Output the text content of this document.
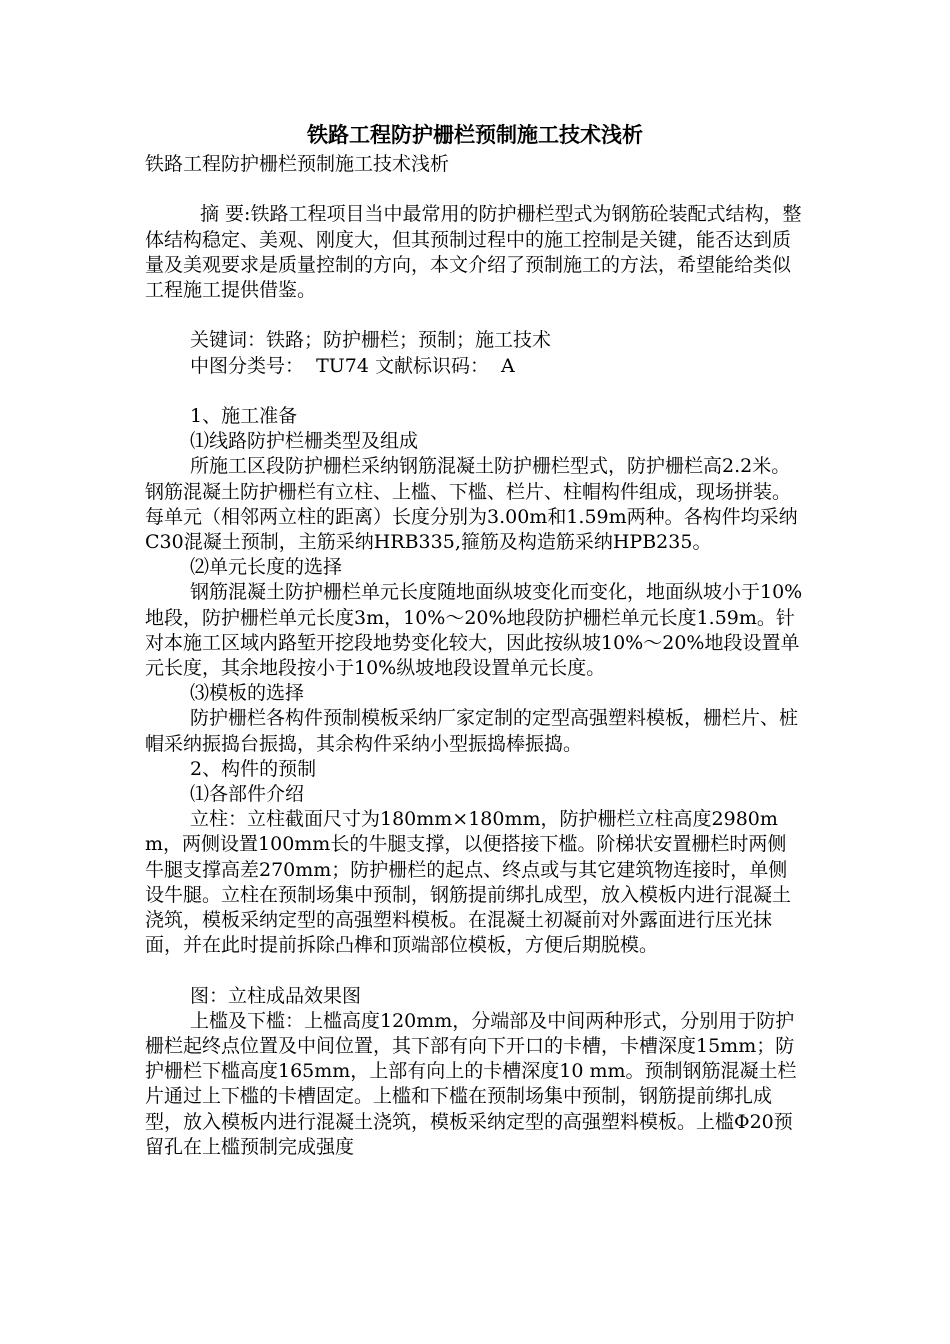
铁路工程防护栅栏预制施工技术浅析

铁路工程防护栅栏预制施工技术浅析

摘 要:铁路工程项目当中最常用的防护栅栏型式为钢筋砼装配式结构，整体结构稳定、美观、刚度大，但其预制过程中的施工控制是关键，能否达到质量及美观要求是质量控制的方向，本文介绍了预制施工的方法，希望能给类似工程施工提供借鉴。

关键词：铁路；防护栅栏；预制；施工技术

中图分类号：  TU74 文献标识码：  A

1、施工准备

⑴线路防护栏栅类型及组成

所施工区段防护栅栏采纳钢筋混凝土防护栅栏型式，防护栅栏高2.2米。钢筋混凝土防护栅栏有立柱、上槛、下槛、栏片、柱帽构件组成，现场拼装。每单元（相邻两立柱的距离）长度分别为3.00m和1.59m两种。各构件均采纳C30混凝土预制，主筋采纳HRB335,箍筋及构造筋采纳HPB235。

⑵单元长度的选择

钢筋混凝土防护栅栏单元长度随地面纵坡变化而变化，地面纵坡小于10%地段，防护栅栏单元长度3m，10%～20%地段防护栅栏单元长度1.59m。针对本施工区域内路堑开挖段地势变化较大，因此按纵坡10%～20%地段设置单元长度，其余地段按小于10%纵坡地段设置单元长度。

⑶模板的选择

防护栅栏各构件预制模板采纳厂家定制的定型高强塑料模板，栅栏片、桩帽采纳振捣台振捣，其余构件采纳小型振捣棒振捣。

2、构件的预制

⑴各部件介绍

立柱：立柱截面尺寸为180mm×180mm，防护栅栏立柱高度2980mm，两侧设置100mm长的牛腿支撑，以便搭接下槛。阶梯状安置栅栏时两侧牛腿支撑高差270mm；防护栅栏的起点、终点或与其它建筑物连接时，单侧设牛腿。立柱在预制场集中预制，钢筋提前绑扎成型，放入模板内进行混凝土浇筑，模板采纳定型的高强塑料模板。在混凝土初凝前对外露面进行压光抹面，并在此时提前拆除凸榫和顶端部位模板，方便后期脱模。

图：立柱成品效果图

上槛及下槛：上槛高度120mm，分端部及中间两种形式，分别用于防护栅栏起终点位置及中间位置，其下部有向下开口的卡槽，卡槽深度15mm；防护栅栏下槛高度165mm，上部有向上的卡槽深度10 mm。预制钢筋混凝土栏片通过上下槛的卡槽固定。上槛和下槛在预制场集中预制，钢筋提前绑扎成型，放入模板内进行混凝土浇筑，模板采纳定型的高强塑料模板。上槛Φ20预留孔在上槛预制完成强度
